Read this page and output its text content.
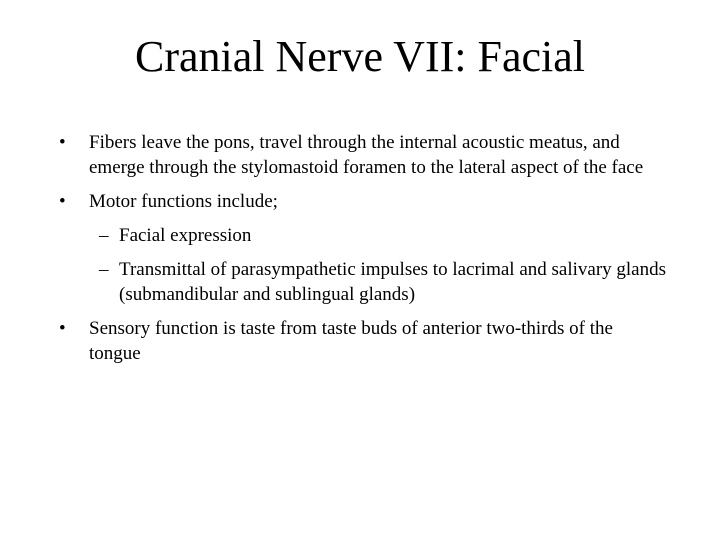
Cranial Nerve VII: Facial
• Fibers leave the pons, travel through the internal acoustic meatus, and emerge through the stylomastoid foramen to the lateral aspect of the face
• Motor functions include;
– Facial expression
– Transmittal of parasympathetic impulses to lacrimal and salivary glands (submandibular and sublingual glands)
• Sensory function is taste from taste buds of anterior two-thirds of the tongue
